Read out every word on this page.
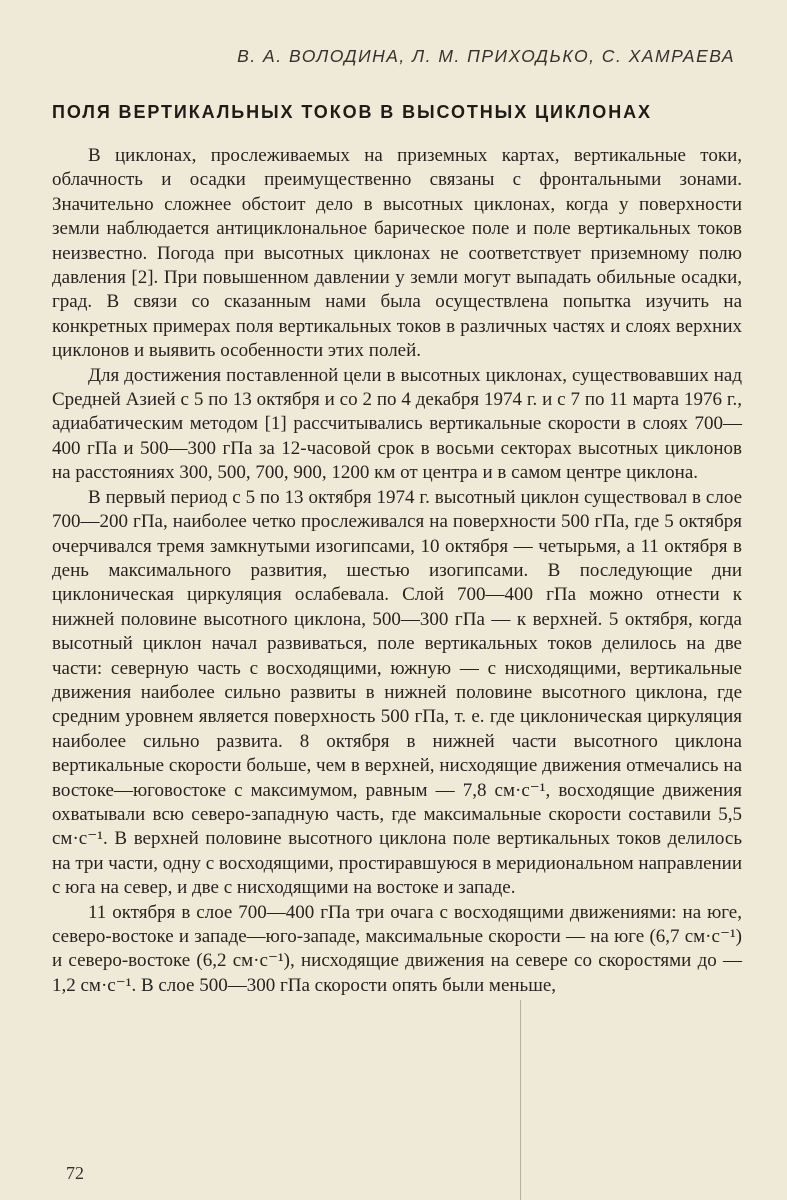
В. А. ВОЛОДИНА, Л. М. ПРИХОДЬКО, С. ХАМРАЕВА
ПОЛЯ ВЕРТИКАЛЬНЫХ ТОКОВ В ВЫСОТНЫХ ЦИКЛОНАХ

В циклонах, прослеживаемых на приземных картах, вертикальные токи, облачность и осадки преимущественно связаны с фронтальными зонами. Значительно сложнее обстоит дело в высотных циклонах, когда у поверхности земли наблюдается антициклональное барическое поле и поле вертикальных токов неизвестно. Погода при высотных циклонах не соответствует приземному полю давления [2]. При повышенном давлении у земли могут выпадать обильные осадки, град. В связи со сказанным нами была осуществлена попытка изучить на конкретных примерах поля вертикальных токов в различных частях и слоях верхних циклонов и выявить особенности этих полей.

Для достижения поставленной цели в высотных циклонах, существовавших над Средней Азией с 5 по 13 октября и со 2 по 4 декабря 1974 г. и с 7 по 11 марта 1976 г., адиабатическим методом [1] рассчитывались вертикальные скорости в слоях 700—400 гПа и 500—300 гПа за 12-часовой срок в восьми секторах высотных циклонов на расстояниях 300, 500, 700, 900, 1200 км от центра и в самом центре циклона.

В первый период с 5 по 13 октября 1974 г. высотный циклон существовал в слое 700—200 гПа, наиболее четко прослеживался на поверхности 500 гПа, где 5 октября очерчивался тремя замкнутыми изогипсами, 10 октября — четырьмя, а 11 октября в день максимального развития, шестью изогипсами. В последующие дни циклоническая циркуляция ослабевала. Слой 700—400 гПа можно отнести к нижней половине высотного циклона, 500—300 гПа — к верхней. 5 октября, когда высотный циклон начал развиваться, поле вертикальных токов делилось на две части: северную часть с восходящими, южную — с нисходящими, вертикальные движения наиболее сильно развиты в нижней половине высотного циклона, где средним уровнем является поверхность 500 гПа, т. е. где циклоническая циркуляция наиболее сильно развита. 8 октября в нижней части высотного циклона вертикальные скорости больше, чем в верхней, нисходящие движения отмечались на востоке—юговостоке с максимумом, равным — 7,8 см·с⁻¹, восходящие движения охватывали всю северо-западную часть, где максимальные скорости составили 5,5 см·с⁻¹. В верхней половине высотного циклона поле вертикальных токов делилось на три части, одну с восходящими, простиравшуюся в меридиональном направлении с юга на север, и две с нисходящими на востоке и западе.

11 октября в слое 700—400 гПа три очага с восходящими движениями: на юге, северо-востоке и западе—юго-западе, максимальные скорости — на юге (6,7 см·с⁻¹) и северо-востоке (6,2 см·с⁻¹), нисходящие движения на севере со скоростями до —1,2 см·с⁻¹. В слое 500—300 гПа скорости опять были меньше,

72
